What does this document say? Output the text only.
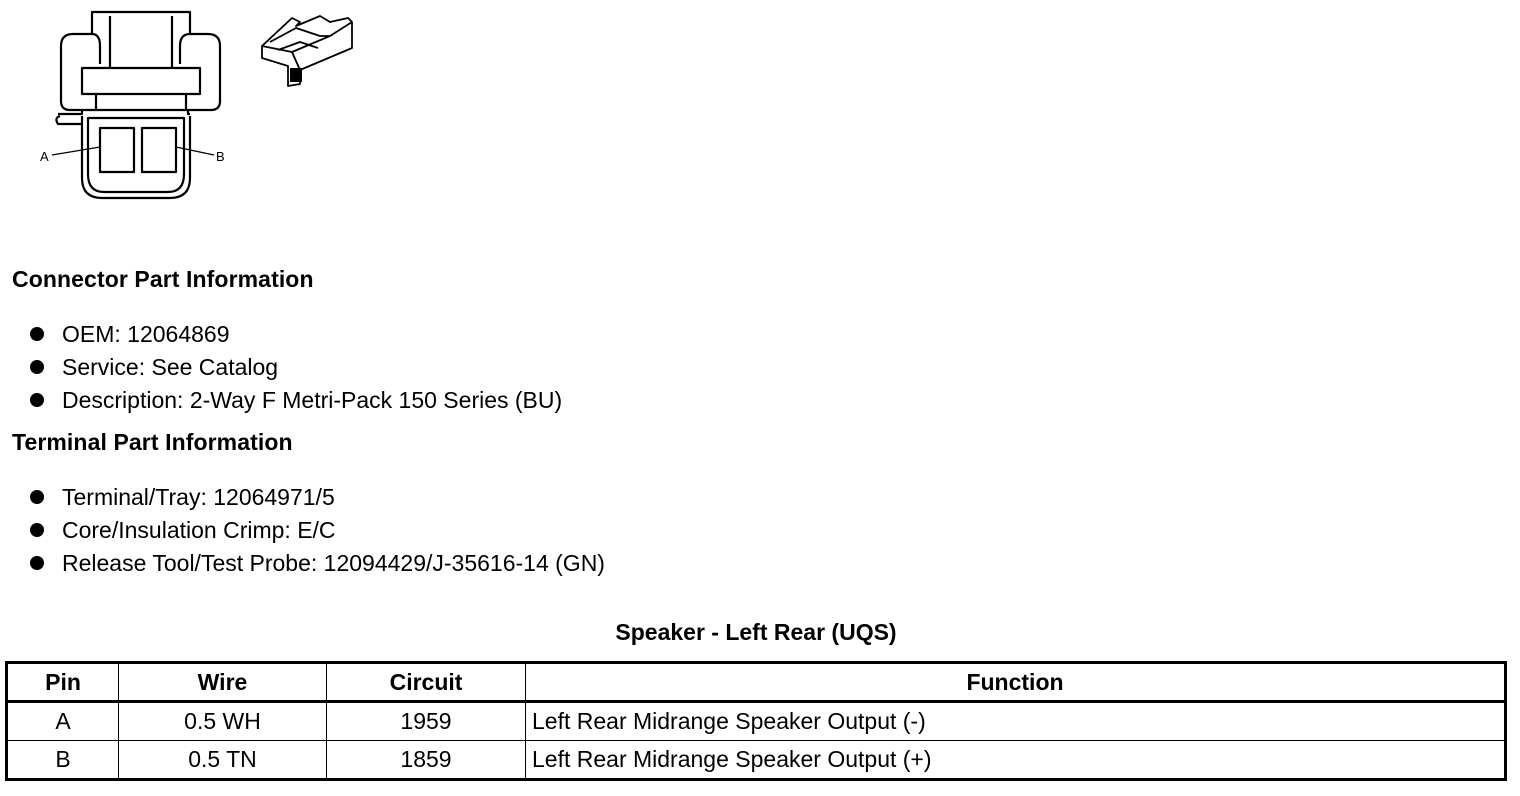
A	B
Connector Part Information
OEM: 12064869
Service: See Catalog
Description: 2-Way F Metri-Pack 150 Series (BU)
Terminal Part Information
Terminal/Tray: 12064971/5
Core/Insulation Crimp: E/C
Release Tool/Test Probe: 12094429/J-35616-14 (GN)
Speaker - Left Rear (UQS)
Pin	Wire	Circuit	Function
A	0.5 WH	1959	Left Rear Midrange Speaker Output (-)
B	0.5 TN	1859	Left Rear Midrange Speaker Output (+)
